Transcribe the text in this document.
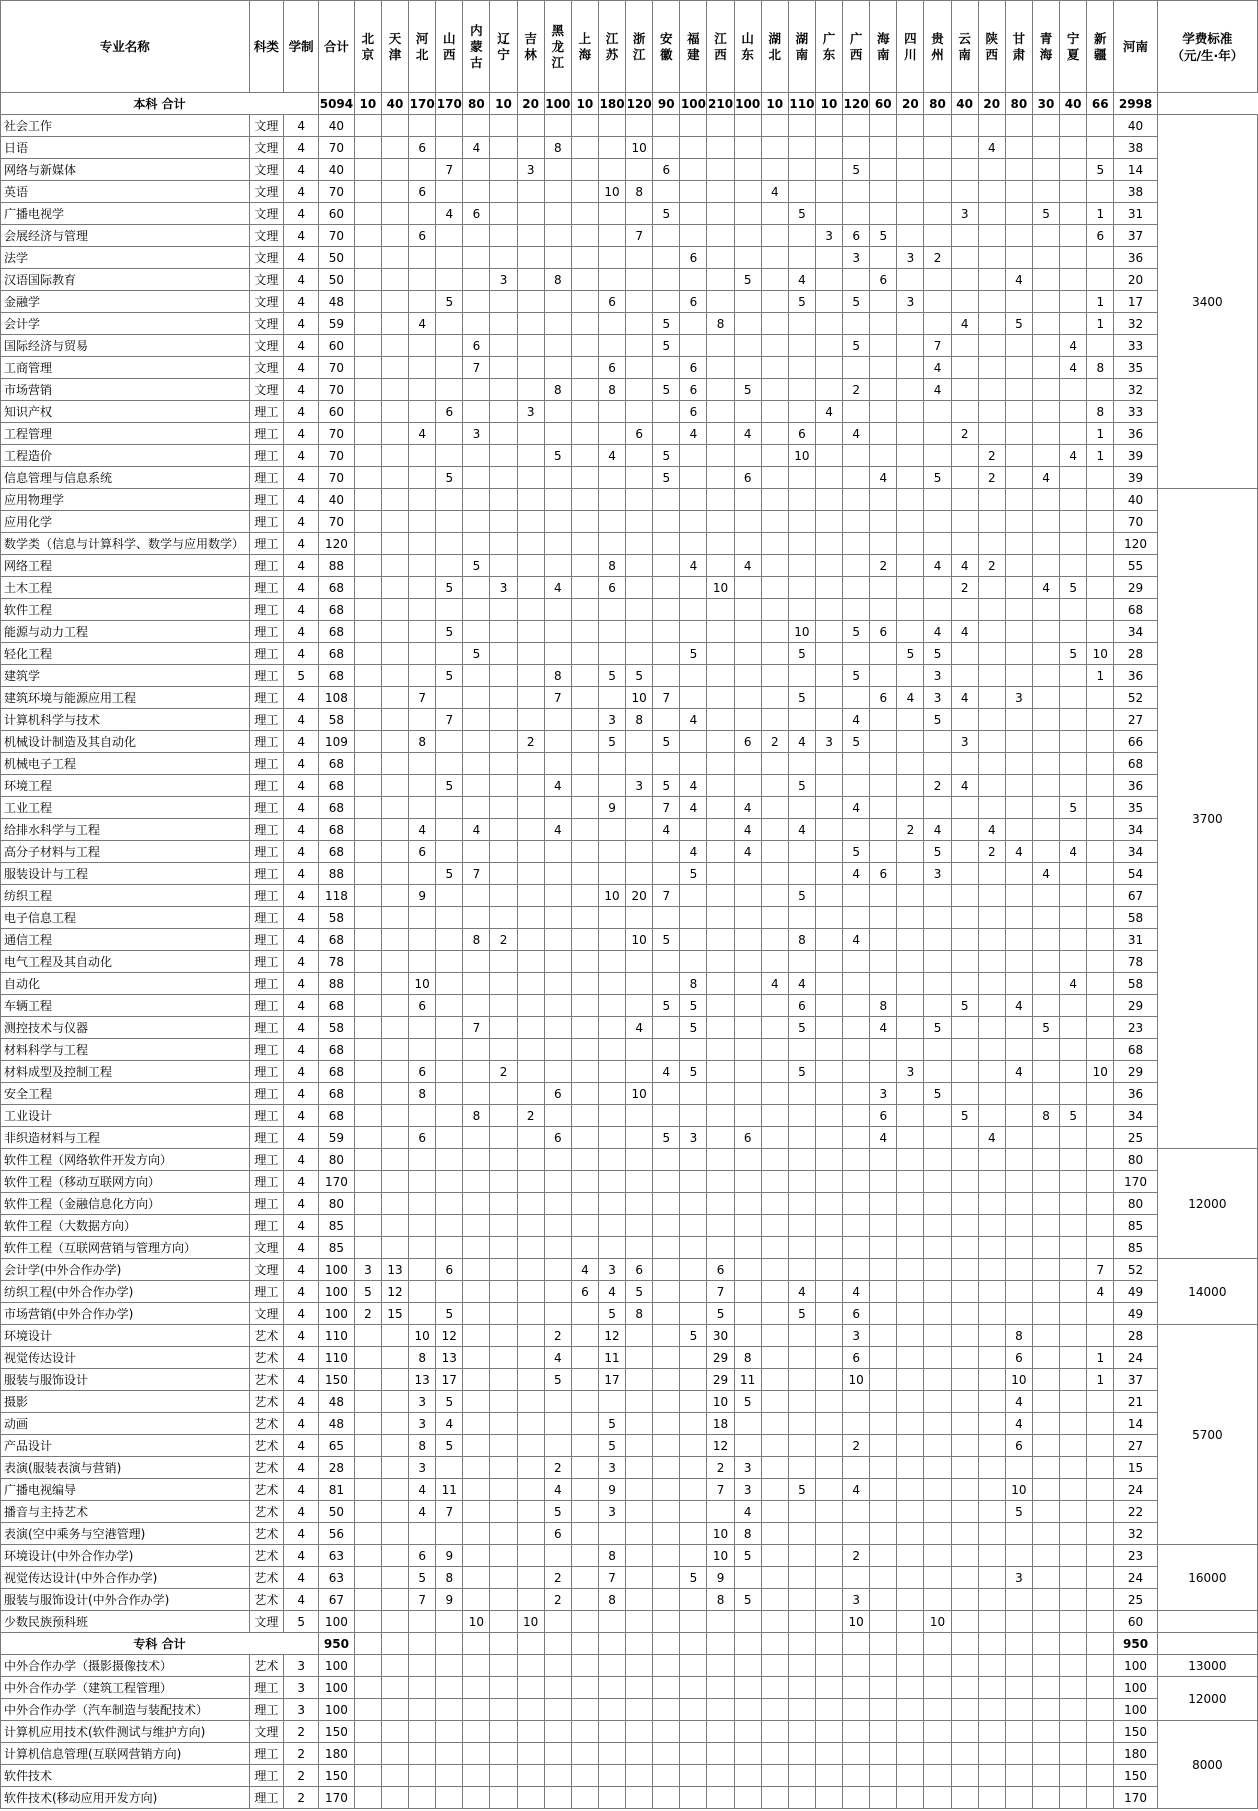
专业名称	科类	学制	合计	北京	天津	河北	山西	内蒙古	辽宁	吉林	黑龙江	上海	江苏	浙江	安徽	福建	江西	山东	湖北	湖南	广东	广西	海南	四川	贵州	云南	陕西	甘肃	青海	宁夏	新疆	河南	学费标准
（元/生·年）
本科 合计			5094	10	40	170	170	80	10	20	100	10	180	120	90	100	210	100	10	110	10	120	60	20	80	40	20	80	30	40	66	2998	
社会工作	文理	4	40																													40	3400
日语	文理	4	70			6		4			8			10													4					38	
网络与新媒体	文理	4	40				7			3					6							5									5	14	
英语	文理	4	70			6							10	8					4													38	
广播电视学	文理	4	60				4	6							5					5						3			5		1	31	
会展经济与管理	文理	4	70			6								7							3	6	5								6	37	
法学	文理	4	50													6						3		3	2							36	
汉语国际教育	文理	4	50						3		8							5		4			6					4				20	
金融学	文理	4	48				5						6			6				5		5		3							1	17	
会计学	文理	4	59			4									5		8									4		5			1	32	
国际经济与贸易	文理	4	60					6							5							5			7					4		33	
工商管理	文理	4	70					7					6			6									4					4	8	35	
市场营销	文理	4	70								8		8		5	6		5				2			4							32	
知识产权	理工	4	60				6			3						6					4										8	33	
工程管理	理工	4	70			4		3						6		4		4		6		4				2					1	36	
工程造价	理工	4	70								5		4		5					10							2			4	1	39	
信息管理与信息系统	理工	4	70				5								5			6					4		5		2		4			39	
应用物理学	理工	4	40																													40	3700
应用化学	理工	4	70																													70	
数学类（信息与计算科学、数学与应用数学）	理工	4	120																													120	
网络工程	理工	4	88					5					8			4		4					2		4	4	2					55	
土木工程	理工	4	68				5		3		4		6				10									2			4	5		29	
软件工程	理工	4	68																													68	
能源与动力工程	理工	4	68				5													10		5	6		4	4						34	
轻化工程	理工	4	68					5								5				5				5	5					5	10	28	
建筑学	理工	5	68				5				8		5	5								5			3						1	36	
建筑环境与能源应用工程	理工	4	108			7					7			10	7					5			6	4	3	4		3				52	
计算机科学与技术	理工	4	58				7						3	8		4						4			5							27	
机械设计制造及其自动化	理工	4	109			8				2			5		5			6	2	4	3	5				3						66	
机械电子工程	理工	4	68																													68	
环境工程	理工	4	68				5				4			3	5	4				5					2	4						36	
工业工程	理工	4	68										9		7	4		4				4								5		35	
给排水科学与工程	理工	4	68			4		4			4				4			4		4				2	4		4					34	
高分子材料与工程	理工	4	68			6										4		4				5			5		2	4		4		34	
服装设计与工程	理工	4	88				5	7								5						4	6		3				4			54	
纺织工程	理工	4	118			9							10	20	7					5												67	
电子信息工程	理工	4	58																													58	
通信工程	理工	4	68					8	2					10	5					8		4										31	
电气工程及其自动化	理工	4	78																													78	
自动化	理工	4	88			10										8			4	4										4		58	
车辆工程	理工	4	68			6									5	5				6			8			5		4				29	
测控技术与仪器	理工	4	58					7						4		5				5			4		5				5			23	
材料科学与工程	理工	4	68																													68	
材料成型及控制工程	理工	4	68			6			2						4	5				5				3				4			10	29	
安全工程	理工	4	68			8					6			10									3		5							36	
工业设计	理工	4	68					8		2													6			5			8	5		34	
非织造材料与工程	理工	4	59			6					6				5	3		6					4				4					25	
软件工程（网络软件开发方向）	理工	4	80																													80	12000
软件工程（移动互联网方向）	理工	4	170																													170	
软件工程（金融信息化方向）	理工	4	80																													80	
软件工程（大数据方向）	理工	4	85																													85	
软件工程（互联网营销与管理方向）	文理	4	85																													85	
会计学(中外合作办学)	文理	4	100	3	13		6					4	3	6			6														7	52	14000
纺织工程(中外合作办学)	理工	4	100	5	12							6	4	5			7			4		4									4	49	
市场营销(中外合作办学)	文理	4	100	2	15		5						5	8			5			5		6										49	
环境设计	艺术	4	110			10	12				2		12			5	30					3						8				28	5700
视觉传达设计	艺术	4	110			8	13				4		11				29	8				6						6			1	24	
服装与服饰设计	艺术	4	150			13	17				5		17				29	11				10						10			1	37	
摄影	艺术	4	48			3	5										10	5										4				21	
动画	艺术	4	48			3	4						5				18											4				14	
产品设计	艺术	4	65			8	5						5				12					2						6				27	
表演(服装表演与营销)	艺术	4	28			3					2		3				2	3														15	
广播电视编导	艺术	4	81			4	11				4		9				7	3		5		4						10				24	
播音与主持艺术	艺术	4	50			4	7				5		3					4										5				22	
表演(空中乘务与空港管理)	艺术	4	56								6						10	8														32	
环境设计(中外合作办学)	艺术	4	63			6	9						8				10	5				2										23	16000
视觉传达设计(中外合作办学)	艺术	4	63			5	8				2		7			5	9											3				24	
服装与服饰设计(中外合作办学)	艺术	4	67			7	9				2		8				8	5				3										25	
少数民族预科班	文理	5	100					10		10												10			10							60	
专科 合计			950																													950	
中外合作办学（摄影摄像技术）	艺术	3	100																													100	13000
中外合作办学（建筑工程管理）	理工	3	100																													100	12000
中外合作办学（汽车制造与装配技术）	理工	3	100																													100	
计算机应用技术(软件测试与维护方向)	文理	2	150																													150	8000
计算机信息管理(互联网营销方向)	理工	2	180																													180	
软件技术	理工	2	150																													150	
软件技术(移动应用开发方向)	理工	2	170																													170	
